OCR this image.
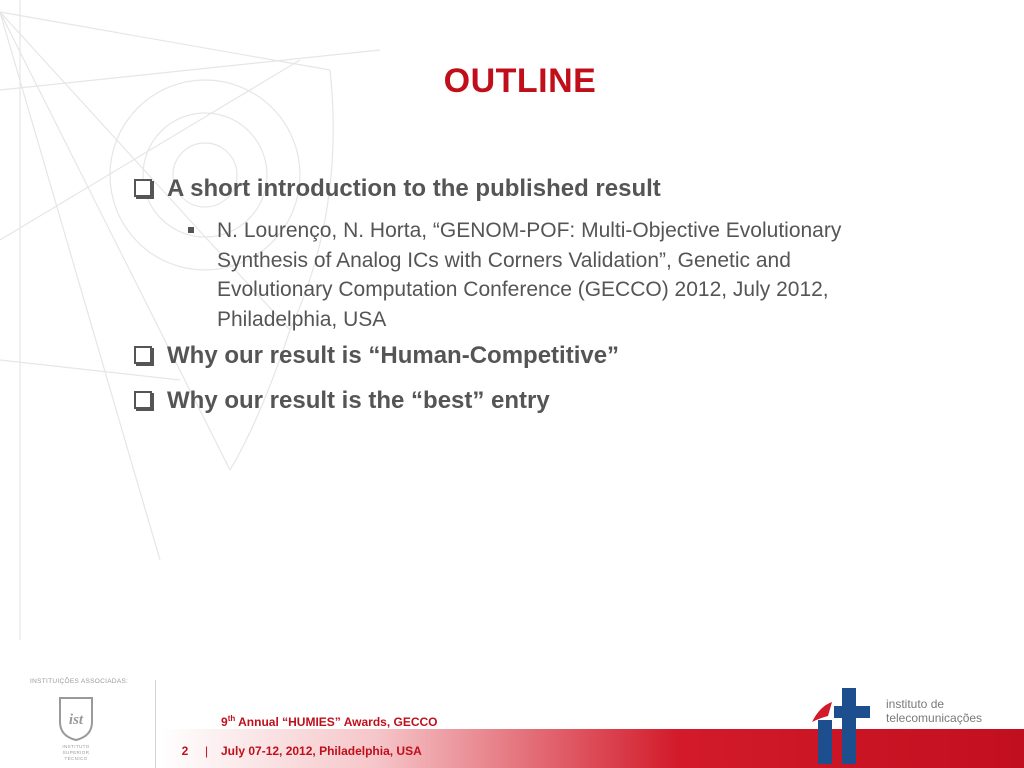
OUTLINE
A short introduction to the published result
N. Lourenço, N. Horta, “GENOM-POF: Multi-Objective Evolutionary
Synthesis of Analog ICs with Corners Validation”, Genetic and
Evolutionary Computation Conference (GECCO) 2012, July 2012,
Philadelphia, USA
Why our result is “Human-Competitive”
Why our result is the “best” entry
INSTITUIÇÕES ASSOCIADAS:
ist
INSTITUTO
SUPERIOR
TÉCNICO
9th Annual “HUMIES” Awards, GECCO
2	| July 07-12, 2012, Philadelphia, USA
instituto de
telecomunicações
